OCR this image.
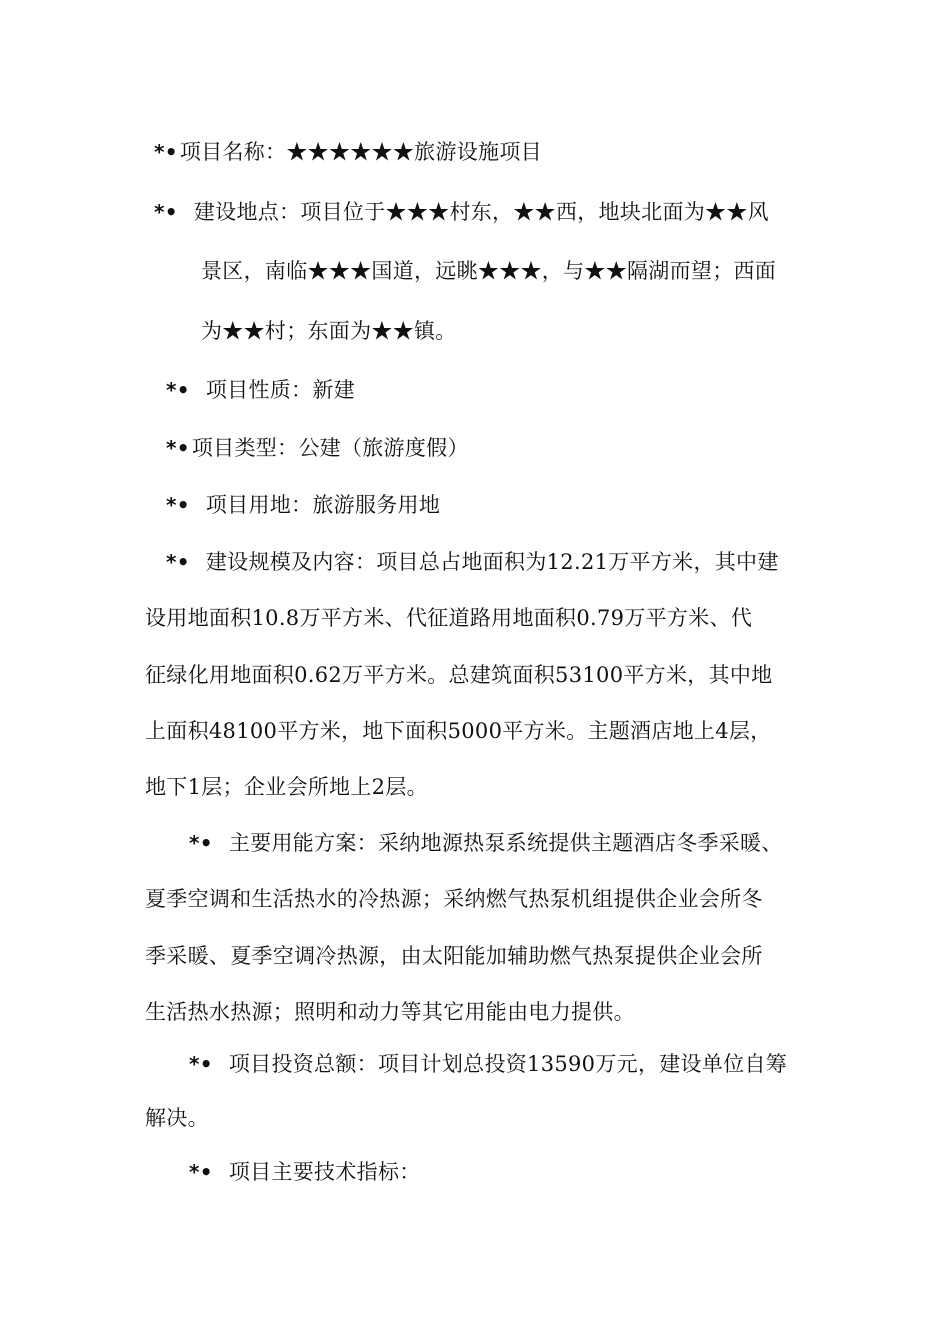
*•项目名称：★★★★★★旅游设施项目
*• 建设地点：项目位于★★★村东，★★西，地块北面为★★风
景区，南临★★★国道，远眺★★★，与★★隔湖而望；西面
为★★村；东面为★★镇。
*• 项目性质：新建
*•项目类型：公建（旅游度假）
*• 项目用地：旅游服务用地
*• 建设规模及内容：项目总占地面积为12.21万平方米，其中建
设用地面积10.8万平方米、代征道路用地面积0.79万平方米、代
征绿化用地面积0.62万平方米。总建筑面积53100平方米，其中地
上面积48100平方米，地下面积5000平方米。主题酒店地上4层，
地下1层；企业会所地上2层。
*• 主要用能方案：采纳地源热泵系统提供主题酒店冬季采暖、
夏季空调和生活热水的冷热源；采纳燃气热泵机组提供企业会所冬
季采暖、夏季空调冷热源，由太阳能加辅助燃气热泵提供企业会所
生活热水热源；照明和动力等其它用能由电力提供。
*• 项目投资总额：项目计划总投资13590万元，建设单位自筹
解决。
*• 项目主要技术指标：
